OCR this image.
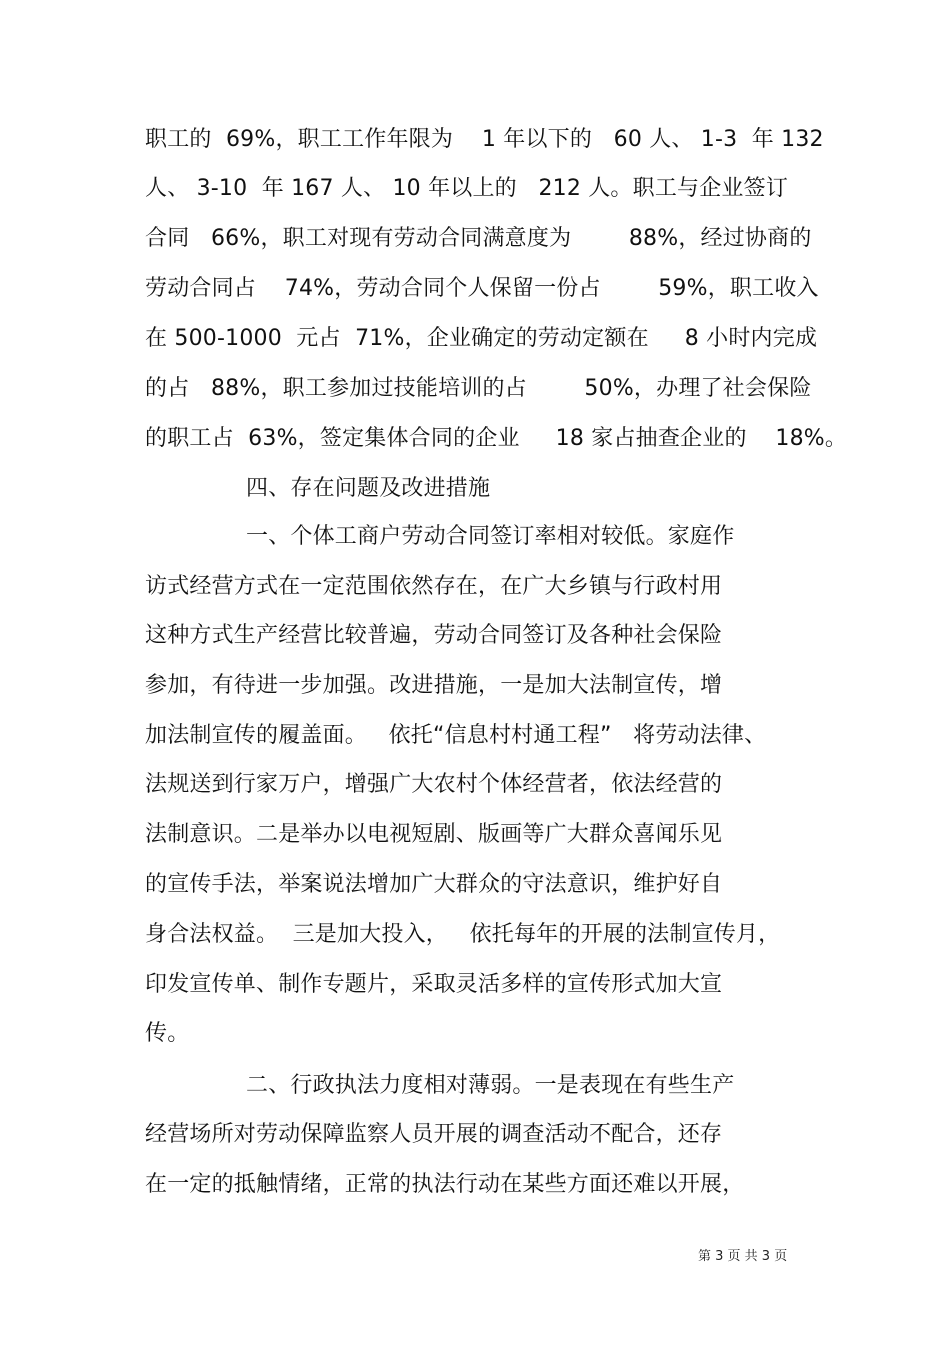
职工的  69%，职工工作年限为    1 年以下的   60 人、 1-3  年 132
人、 3-10  年 167 人、 10 年以上的   212 人。职工与企业签订
合同   66%，职工对现有劳动合同满意度为        88%，经过协商的
劳动合同占    74%，劳动合同个人保留一份占        59%，职工收入
在 500-1000  元占  71%，企业确定的劳动定额在     8 小时内完成
的占   88%，职工参加过技能培训的占        50%，办理了社会保险
的职工占  63%，签定集体合同的企业     18 家占抽查企业的    18%。
四、存在问题及改进措施
一、个体工商户劳动合同签订率相对较低。家庭作
访式经营方式在一定范围依然存在，在广大乡镇与行政村用
这种方式生产经营比较普遍，劳动合同签订及各种社会保险
参加，有待进一步加强。改进措施，一是加大法制宣传，增
加法制宣传的履盖面。   依托“信息村村通工程”   将劳动法律、
法规送到行家万户，增强广大农村个体经营者，依法经营的
法制意识。二是举办以电视短剧、版画等广大群众喜闻乐见
的宣传手法，举案说法增加广大群众的守法意识，维护好自
身合法权益。  三是加大投入，   依托每年的开展的法制宣传月，
印发宣传单、制作专题片，采取灵活多样的宣传形式加大宣
传。
二、行政执法力度相对薄弱。一是表现在有些生产
经营场所对劳动保障监察人员开展的调查活动不配合，还存
在一定的抵触情绪，正常的执法行动在某些方面还难以开展，
第 3 页 共 3 页
